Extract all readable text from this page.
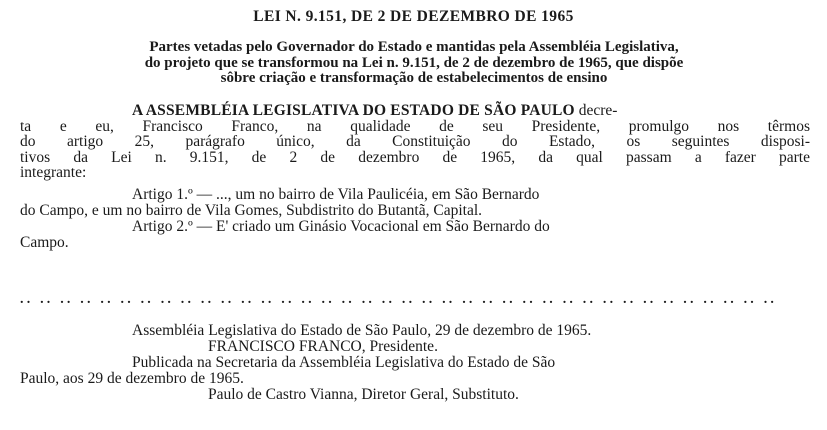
LEI N. 9.151, DE 2 DE DEZEMBRO DE 1965
Partes vetadas pelo Governador do Estado e mantidas pela Assembléia Legislativa,
do projeto que se transformou na Lei n. 9.151, de 2 de dezembro de 1965, que dispõe
sôbre criação e transformação de estabelecimentos de ensino
A ASSEMBLÉIA LEGISLATIVA DO ESTADO DE SÃO PAULO decre-
ta e eu, Francisco Franco, na qualidade de seu Presidente, promulgo nos têrmos
do artigo 25, parágrafo único, da Constituição do Estado, os seguintes disposi-
tivos da Lei n. 9.151, de 2 de dezembro de 1965, da qual passam a fazer parte
integrante:
Artigo 1.º — ..., um no bairro de Vila Paulicéia, em São Bernardo
do Campo, e um no bairro de Vila Gomes, Subdistrito do Butantã, Capital.
Artigo 2.º — E' criado um Ginásio Vocacional em São Bernardo do
Campo.
.. .. .. .. .. .. .. .. .. .. .. .. .. .. .. .. .. .. .. .. .. .. .. .. .. .. .. .. .. .. .. .. .. .. .. .. .. ..
Assembléia Legislativa do Estado de São Paulo, 29 de dezembro de 1965.
FRANCISCO FRANCO, Presidente.
Publicada na Secretaria da Assembléia Legislativa do Estado de São
Paulo, aos 29 de dezembro de 1965.
Paulo de Castro Vianna, Diretor Geral, Substituto.
